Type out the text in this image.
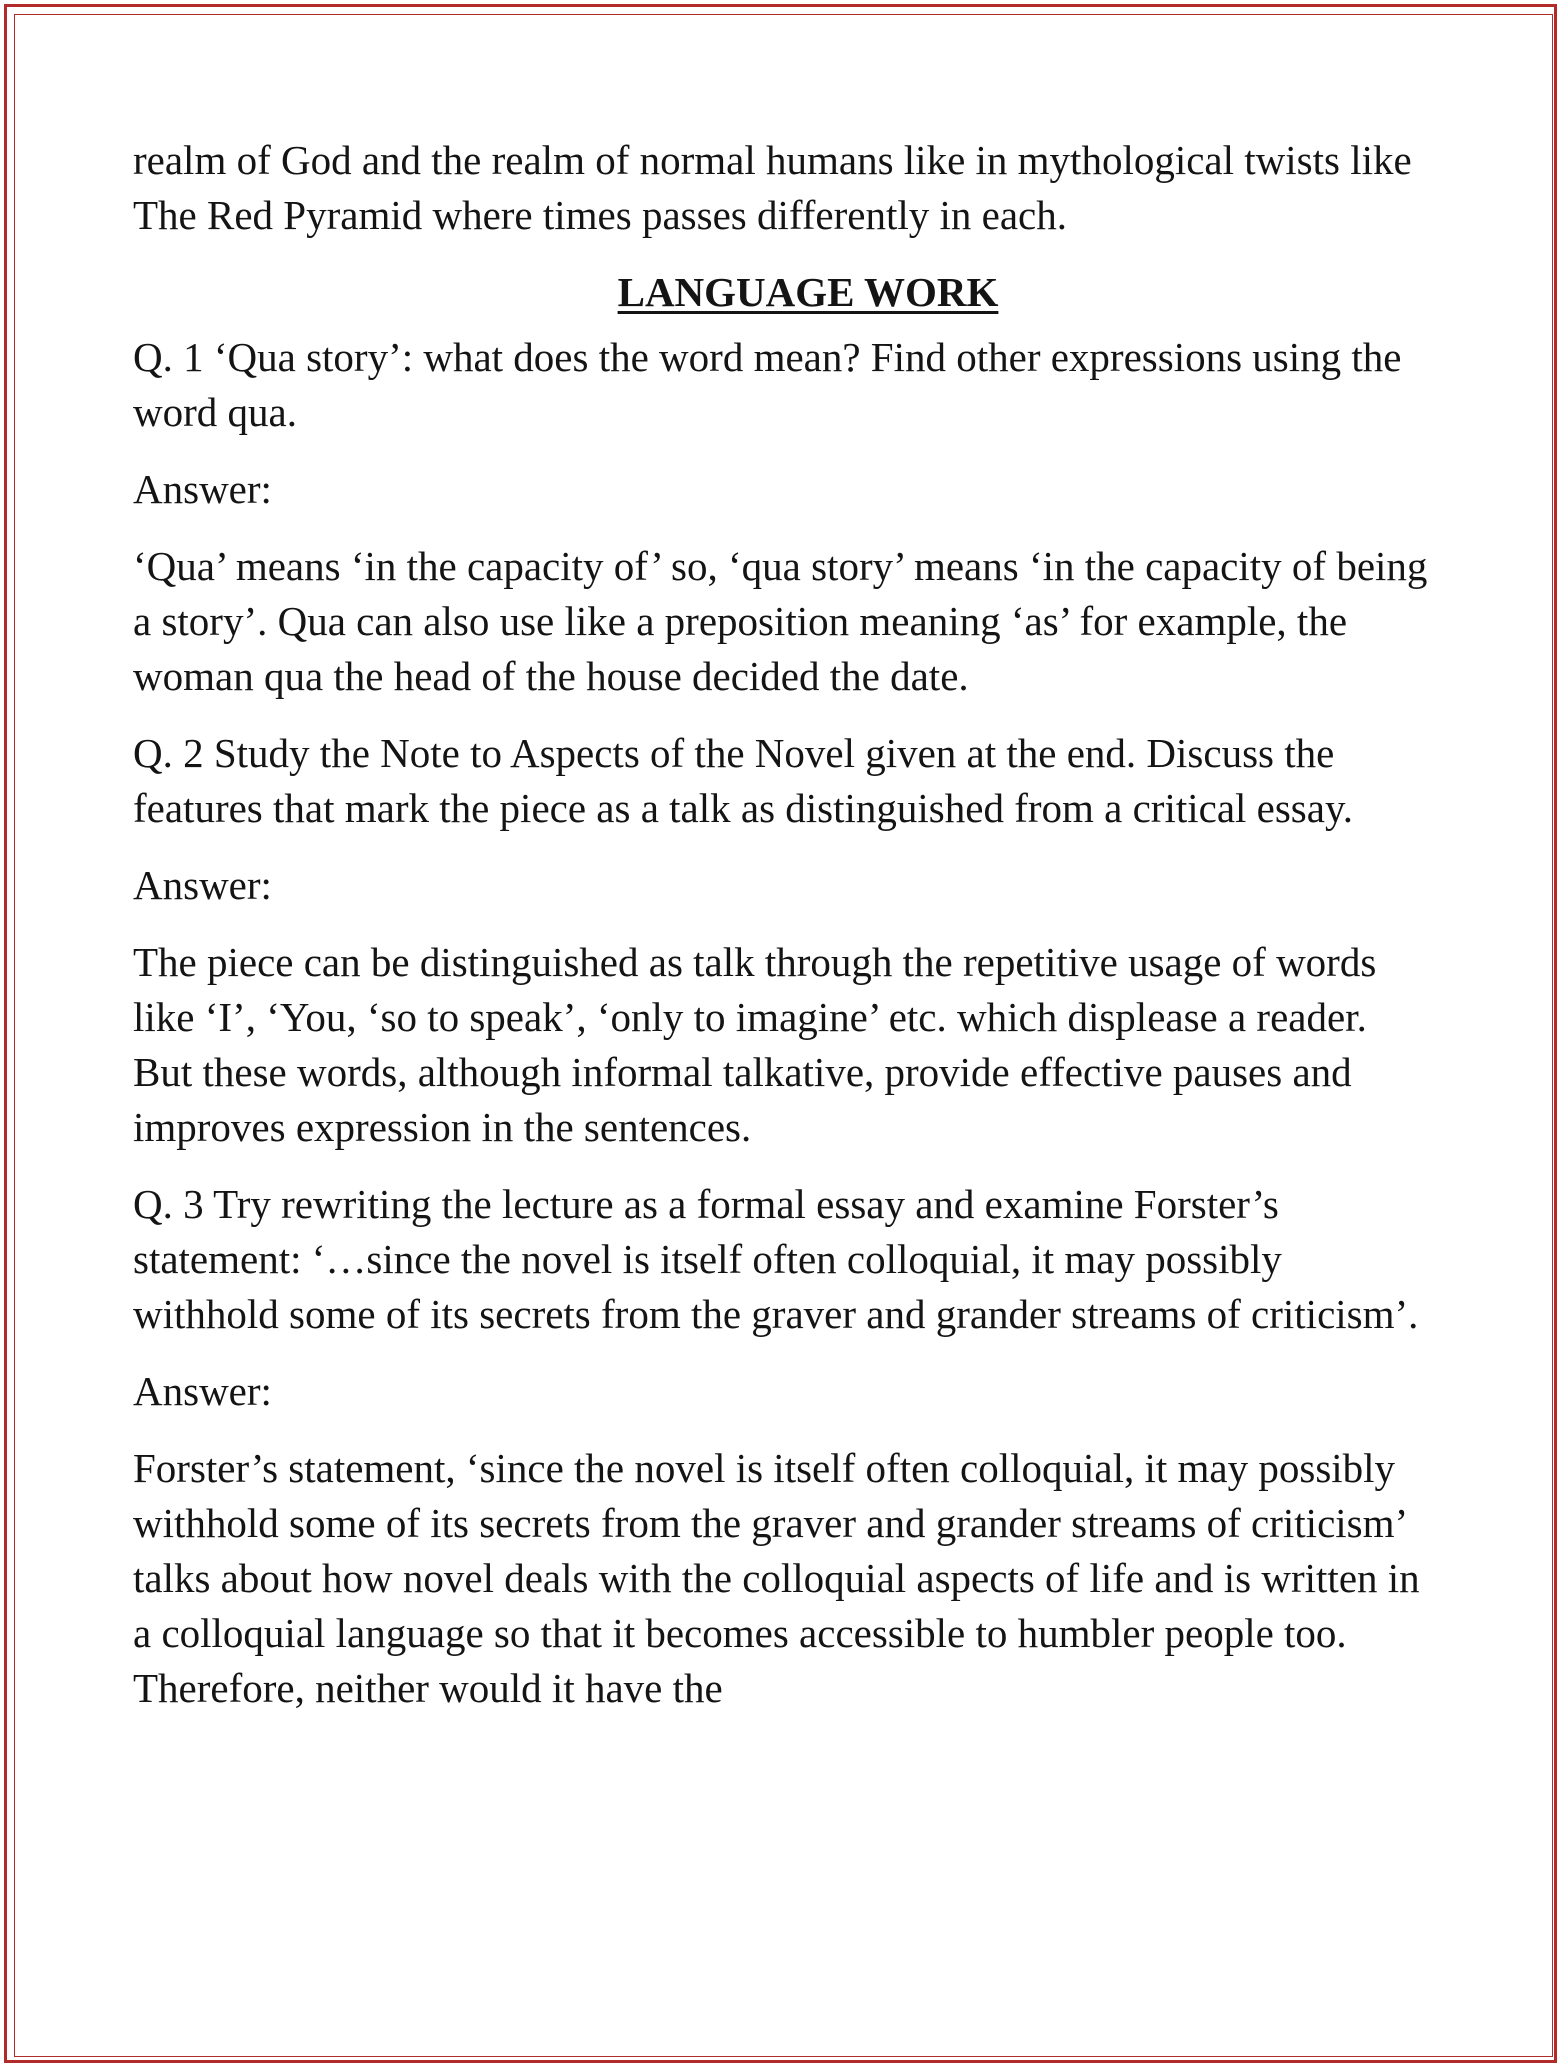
realm of God and the realm of normal humans like in mythological twists like The Red Pyramid where times passes differently in each.

LANGUAGE WORK

Q. 1 ‘Qua story’: what does the word mean? Find other expressions using the word qua.

Answer:

‘Qua’ means ‘in the capacity of’ so, ‘qua story’ means ‘in the capacity of being a story’. Qua can also use like a preposition meaning ‘as’ for example, the woman qua the head of the house decided the date.

Q. 2 Study the Note to Aspects of the Novel given at the end. Discuss the features that mark the piece as a talk as distinguished from a critical essay.

Answer:

The piece can be distinguished as talk through the repetitive usage of words like ‘I’, ‘You, ‘so to speak’, ‘only to imagine’ etc. which displease a reader. But these words, although informal talkative, provide effective pauses and improves expression in the sentences.

Q. 3 Try rewriting the lecture as a formal essay and examine Forster’s statement: ‘…since the novel is itself often colloquial, it may possibly withhold some of its secrets from the graver and grander streams of criticism’.

Answer:

Forster’s statement, ‘since the novel is itself often colloquial, it may possibly withhold some of its secrets from the graver and grander streams of criticism’ talks about how novel deals with the colloquial aspects of life and is written in a colloquial language so that it becomes accessible to humbler people too. Therefore, neither would it have the
